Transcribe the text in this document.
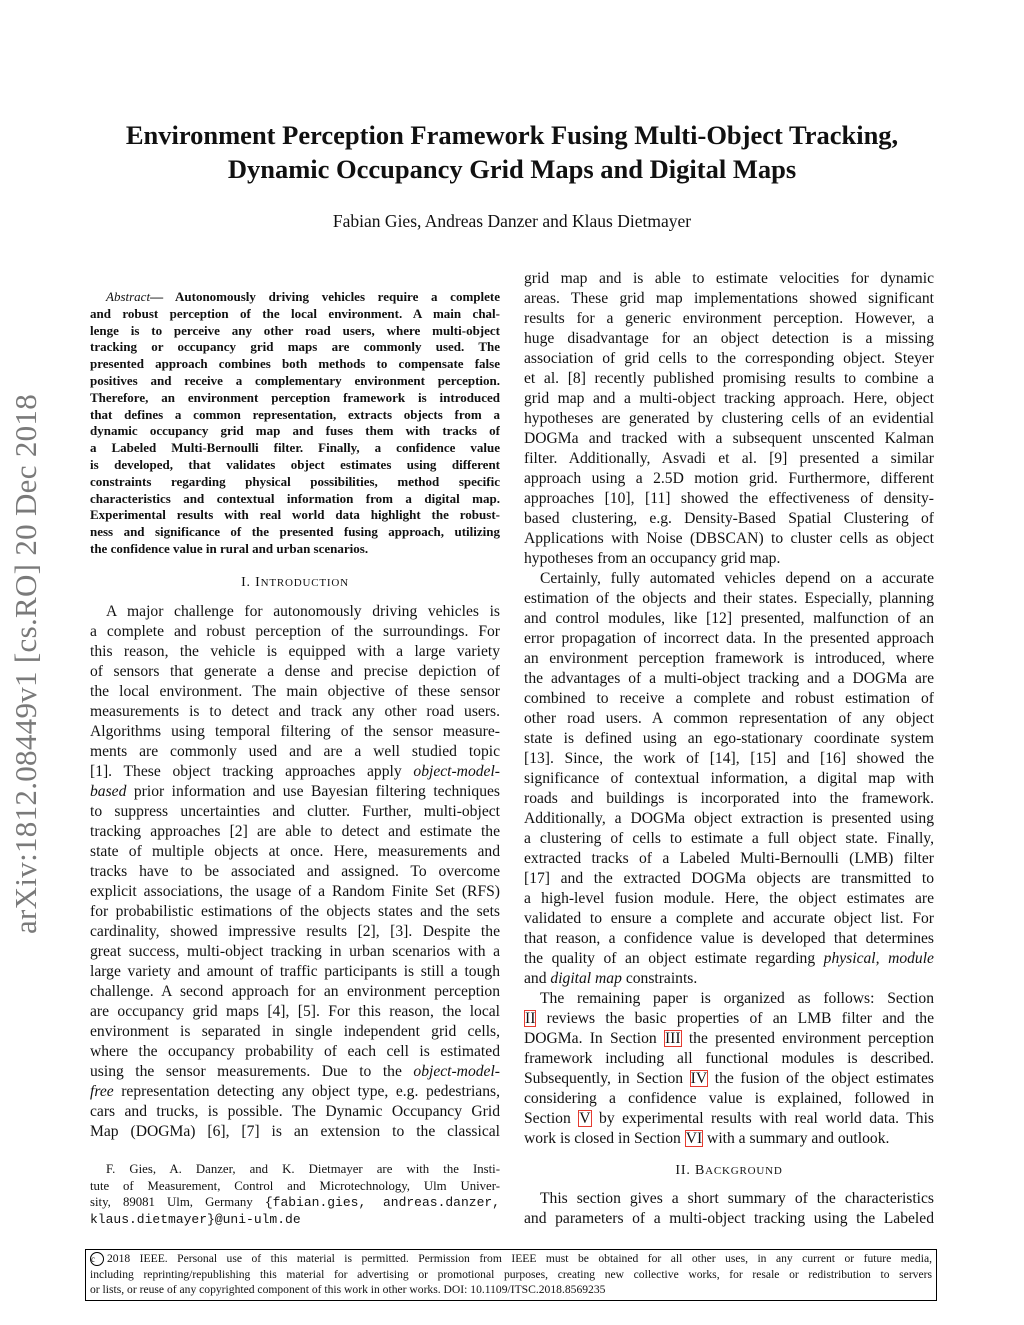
Environment Perception Framework Fusing Multi-Object Tracking,
Dynamic Occupancy Grid Maps and Digital Maps
Fabian Gies, Andreas Danzer and Klaus Dietmayer
arXiv:1812.08449v1 [cs.RO] 20 Dec 2018
Abstract— Autonomously driving vehicles require a complete
and robust perception of the local environment. A main chal-
lenge is to perceive any other road users, where multi-object
tracking or occupancy grid maps are commonly used. The
presented approach combines both methods to compensate false
positives and receive a complementary environment perception.
Therefore, an environment perception framework is introduced
that defines a common representation, extracts objects from a
dynamic occupancy grid map and fuses them with tracks of
a Labeled Multi-Bernoulli filter. Finally, a confidence value
is developed, that validates object estimates using different
constraints regarding physical possibilities, method specific
characteristics and contextual information from a digital map.
Experimental results with real world data highlight the robust-
ness and significance of the presented fusing approach, utilizing
the confidence value in rural and urban scenarios.
I. INTRODUCTION
A major challenge for autonomously driving vehicles is
a complete and robust perception of the surroundings. For
this reason, the vehicle is equipped with a large variety
of sensors that generate a dense and precise depiction of
the local environment. The main objective of these sensor
measurements is to detect and track any other road users.
Algorithms using temporal filtering of the sensor measure-
ments are commonly used and are a well studied topic
[1]. These object tracking approaches apply object-model-
based prior information and use Bayesian filtering techniques
to suppress uncertainties and clutter. Further, multi-object
tracking approaches [2] are able to detect and estimate the
state of multiple objects at once. Here, measurements and
tracks have to be associated and assigned. To overcome
explicit associations, the usage of a Random Finite Set (RFS)
for probabilistic estimations of the objects states and the sets
cardinality, showed impressive results [2], [3]. Despite the
great success, multi-object tracking in urban scenarios with a
large variety and amount of traffic participants is still a tough
challenge. A second approach for an environment perception
are occupancy grid maps [4], [5]. For this reason, the local
environment is separated in single independent grid cells,
where the occupancy probability of each cell is estimated
using the sensor measurements. Due to the object-model-
free representation detecting any object type, e.g. pedestrians,
cars and trucks, is possible. The Dynamic Occupancy Grid
Map (DOGMa) [6], [7] is an extension to the classical
F. Gies, A. Danzer, and K. Dietmayer are with the Insti-
tute of Measurement, Control and Microtechnology, Ulm Univer-
sity, 89081 Ulm, Germany {fabian.gies, andreas.danzer,
klaus.dietmayer}@uni-ulm.de
grid map and is able to estimate velocities for dynamic
areas. These grid map implementations showed significant
results for a generic environment perception. However, a
huge disadvantage for an object detection is a missing
association of grid cells to the corresponding object. Steyer
et al. [8] recently published promising results to combine a
grid map and a multi-object tracking approach. Here, object
hypotheses are generated by clustering cells of an evidential
DOGMa and tracked with a subsequent unscented Kalman
filter. Additionally, Asvadi et al. [9] presented a similar
approach using a 2.5D motion grid. Furthermore, different
approaches [10], [11] showed the effectiveness of density-
based clustering, e.g. Density-Based Spatial Clustering of
Applications with Noise (DBSCAN) to cluster cells as object
hypotheses from an occupancy grid map.
Certainly, fully automated vehicles depend on a accurate
estimation of the objects and their states. Especially, planning
and control modules, like [12] presented, malfunction of an
error propagation of incorrect data. In the presented approach
an environment perception framework is introduced, where
the advantages of a multi-object tracking and a DOGMa are
combined to receive a complete and robust estimation of
other road users. A common representation of any object
state is defined using an ego-stationary coordinate system
[13]. Since, the work of [14], [15] and [16] showed the
significance of contextual information, a digital map with
roads and buildings is incorporated into the framework.
Additionally, a DOGMa object extraction is presented using
a clustering of cells to estimate a full object state. Finally,
extracted tracks of a Labeled Multi-Bernoulli (LMB) filter
[17] and the extracted DOGMa objects are transmitted to
a high-level fusion module. Here, the object estimates are
validated to ensure a complete and accurate object list. For
that reason, a confidence value is developed that determines
the quality of an object estimate regarding physical, module
and digital map constraints.
The remaining paper is organized as follows: Section
II reviews the basic properties of an LMB filter and the
DOGMa. In Section III the presented environment perception
framework including all functional modules is described.
Subsequently, in Section IV the fusion of the object estimates
considering a confidence value is explained, followed in
Section V by experimental results with real world data. This
work is closed in Section VI with a summary and outlook.
II. BACKGROUND
This section gives a short summary of the characteristics
and parameters of a multi-object tracking using the Labeled
c 2018 IEEE. Personal use of this material is permitted. Permission from IEEE must be obtained for all other uses, in any current or future media,
including reprinting/republishing this material for advertising or promotional purposes, creating new collective works, for resale or redistribution to servers
or lists, or reuse of any copyrighted component of this work in other works. DOI: 10.1109/ITSC.2018.8569235
